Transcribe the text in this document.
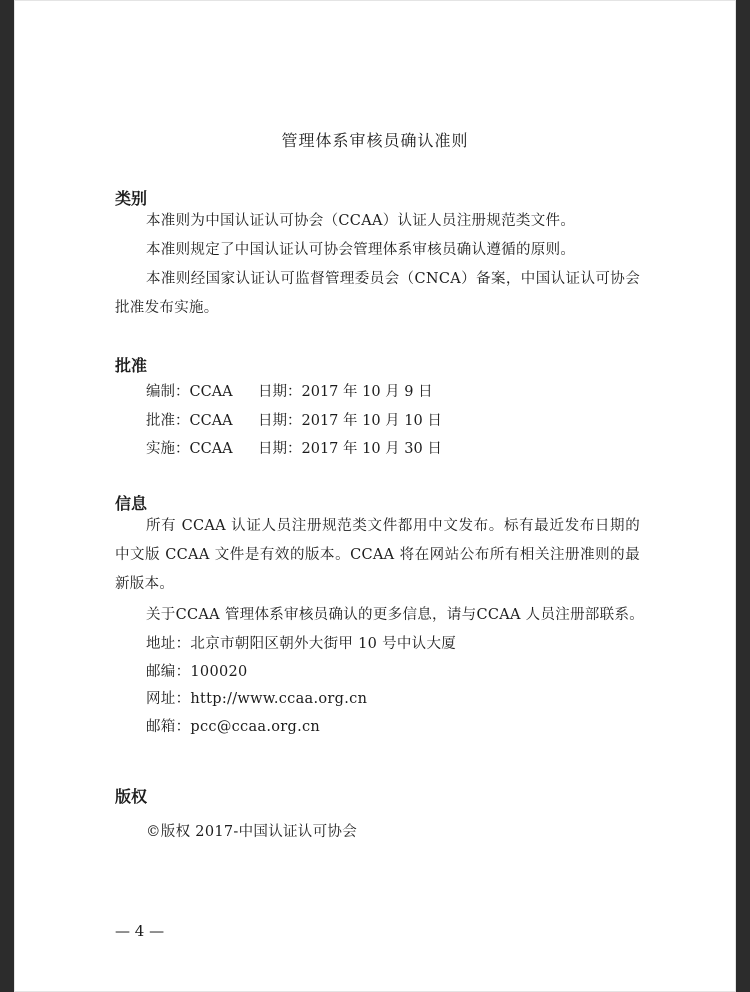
管理体系审核员确认准则
类别
本准则为中国认证认可协会（CCAA）认证人员注册规范类文件。
本准则规定了中国认证认可协会管理体系审核员确认遵循的原则。
本准则经国家认证认可监督管理委员会（CNCA）备案，中国认证认可协会批准发布实施。
批准
编制：CCAA 日期：2017 年 10 月 9 日
批准：CCAA 日期：2017 年 10 月 10 日
实施：CCAA 日期：2017 年 10 月 30 日
信息
所有 CCAA 认证人员注册规范类文件都用中文发布。标有最近发布日期的中文版 CCAA 文件是有效的版本。CCAA 将在网站公布所有相关注册准则的最新版本。
关于CCAA 管理体系审核员确认的更多信息，请与CCAA 人员注册部联系。
地址：北京市朝阳区朝外大街甲 10 号中认大厦
邮编：100020
网址：http://www.ccaa.org.cn
邮箱：pcc@ccaa.org.cn
版权
©版权 2017-中国认证认可协会
— 4 —
